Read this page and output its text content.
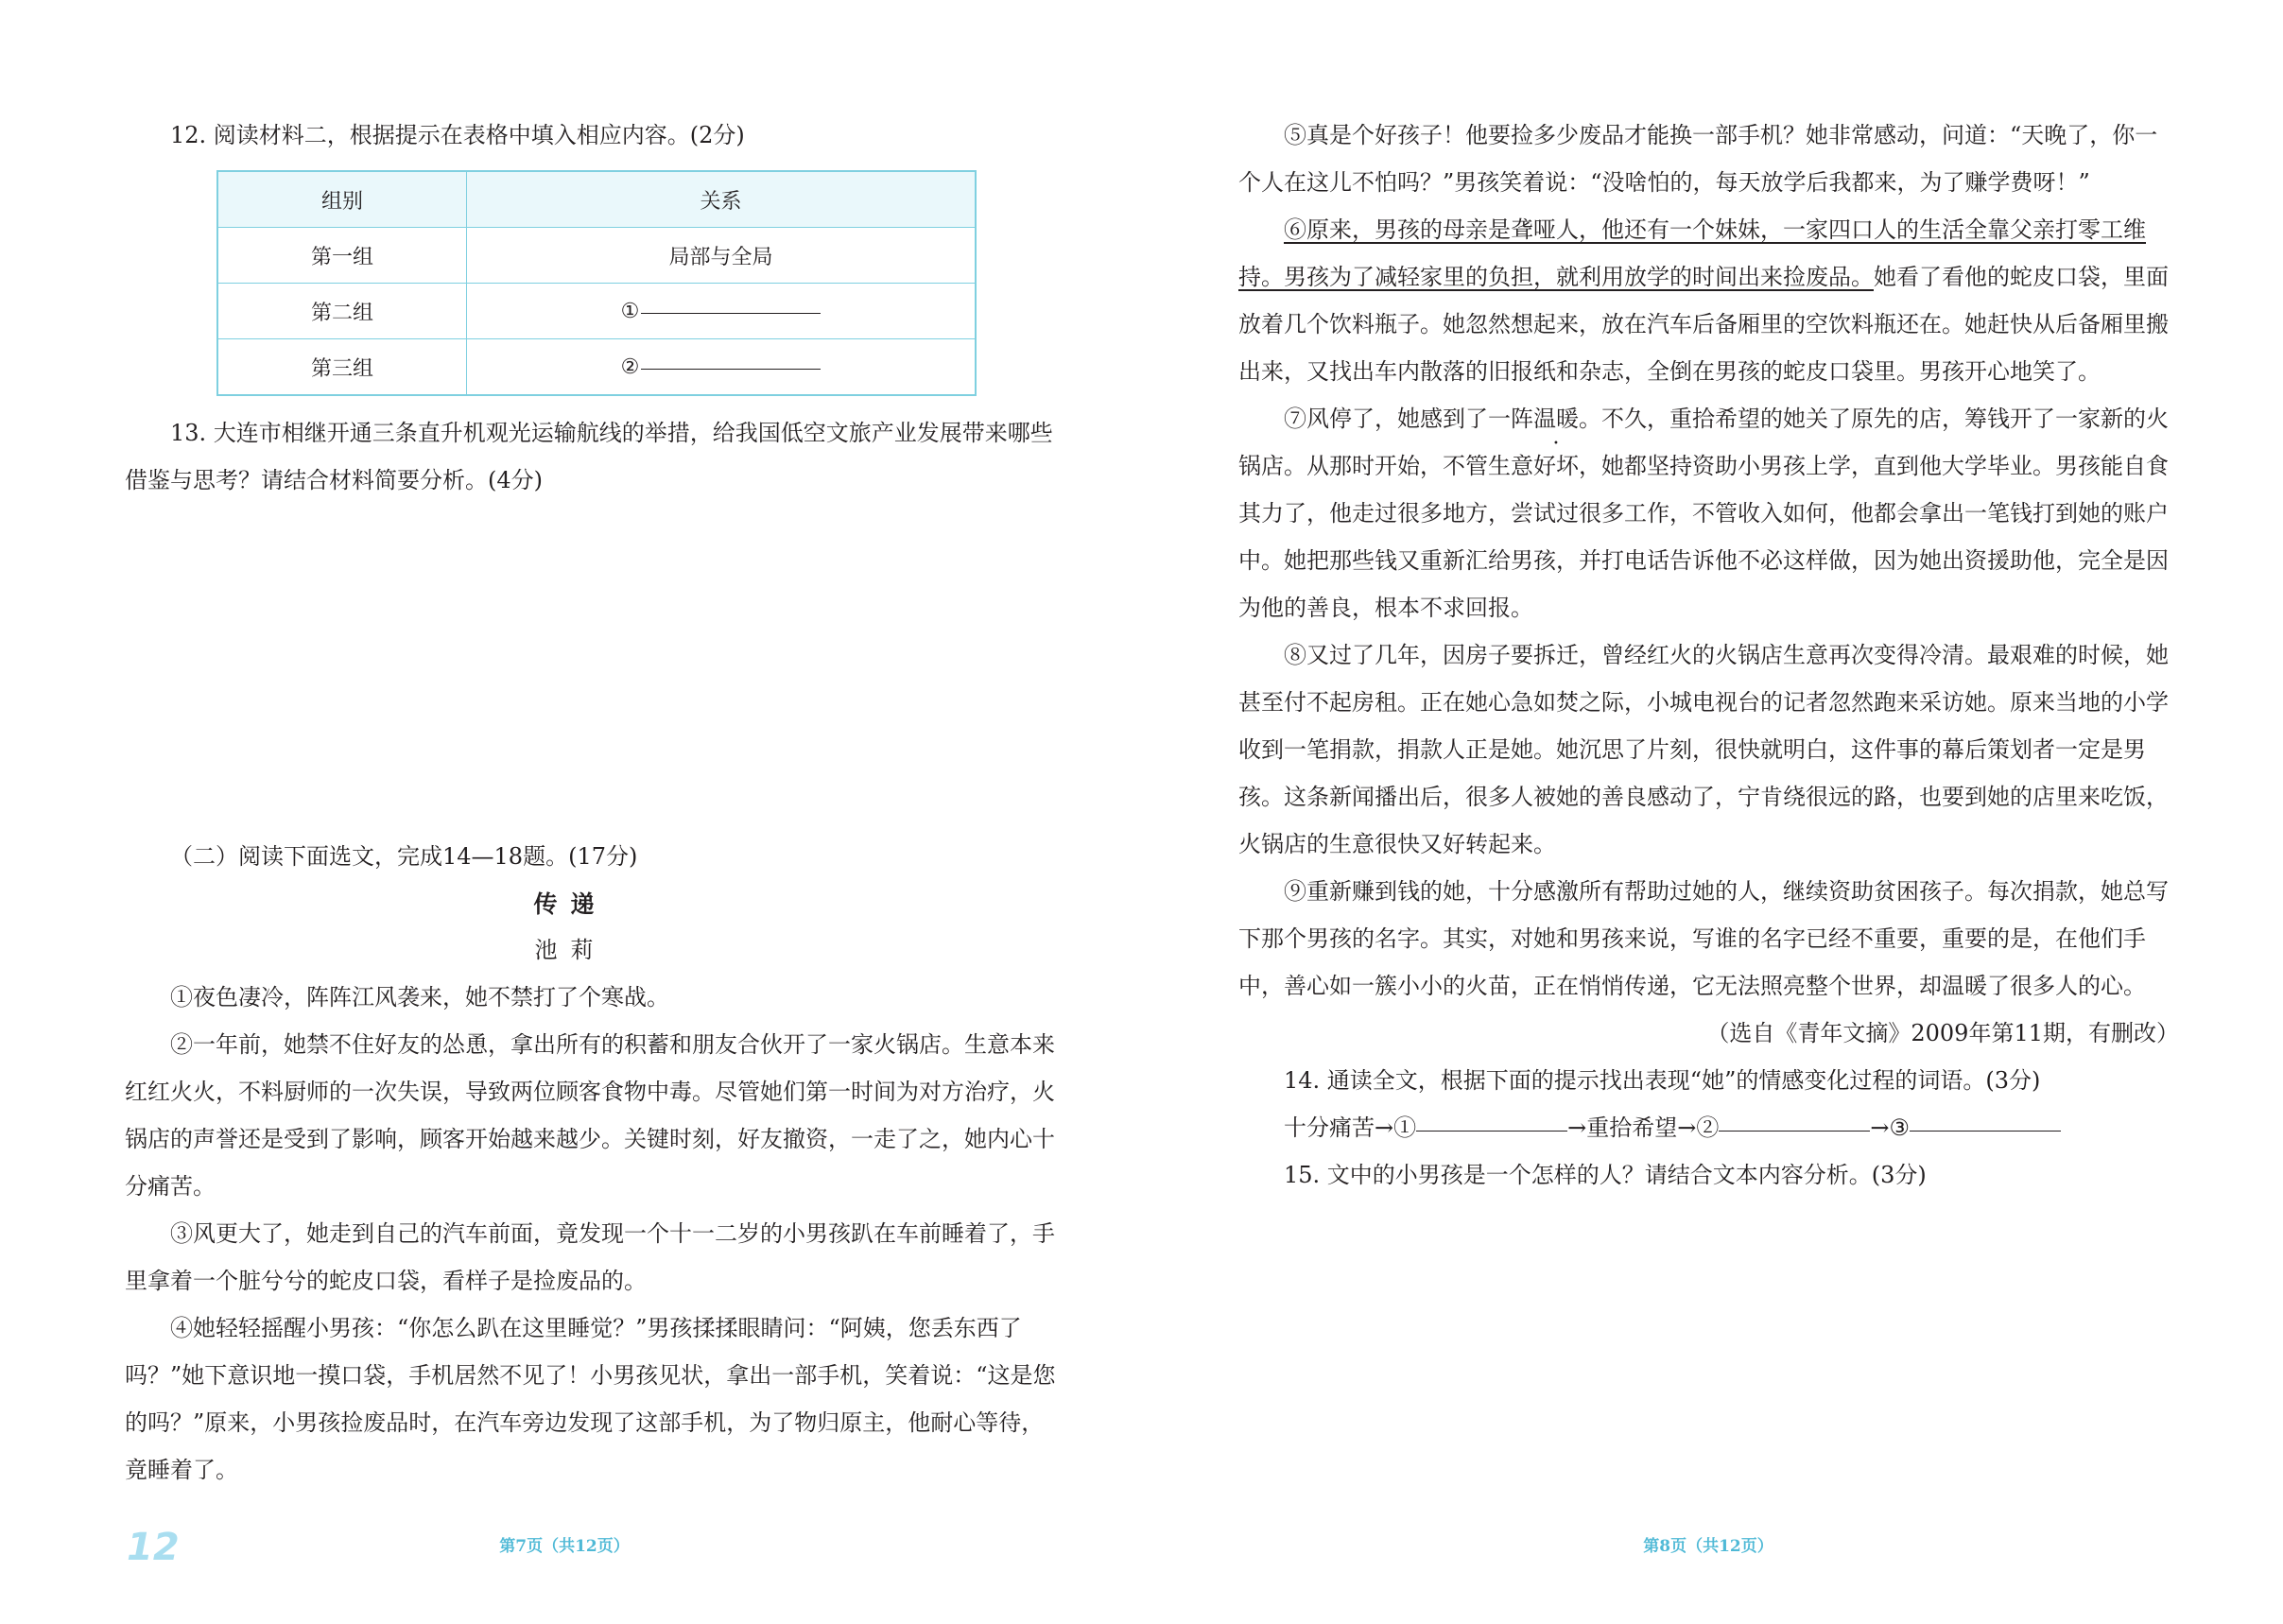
12. 阅读材料二，根据提示在表格中填入相应内容。(2分)

组别	关系
第一组	局部与全局
第二组	①
第三组	②

13. 大连市相继开通三条直升机观光运输航线的举措，给我国低空文旅产业发展带来哪些

借鉴与思考？请结合材料简要分析。(4分)

（二）阅读下面选文，完成14—18题。(17分)

传递

池莉

①夜色凄冷，阵阵江风袭来，她不禁打了个寒战。

②一年前，她禁不住好友的怂恿，拿出所有的积蓄和朋友合伙开了一家火锅店。生意本来

红红火火，不料厨师的一次失误，导致两位顾客食物中毒。尽管她们第一时间为对方治疗，火

锅店的声誉还是受到了影响，顾客开始越来越少。关键时刻，好友撤资，一走了之，她内心十

分痛苦。

③风更大了，她走到自己的汽车前面，竟发现一个十一二岁的小男孩趴在车前睡着了，手

里拿着一个脏兮兮的蛇皮口袋，看样子是捡废品的。

④她轻轻摇醒小男孩：“你怎么趴在这里睡觉？”男孩揉揉眼睛问：“阿姨，您丢东西了

吗？”她下意识地一摸口袋，手机居然不见了！小男孩见状，拿出一部手机，笑着说：“这是您

的吗？”原来，小男孩捡废品时，在汽车旁边发现了这部手机，为了物归原主，他耐心等待，

竟睡着了。

12	第7页（共12页）

⑤真是个好孩子！他要捡多少废品才能换一部手机？她非常感动，问道：“天晚了，你一

个人在这儿不怕吗？”男孩笑着说：“没啥怕的，每天放学后我都来，为了赚学费呀！”

⑥原来，男孩的母亲是聋哑人，他还有一个妹妹，一家四口人的生活全靠父亲打零工维

持。男孩为了减轻家里的负担，就利用放学的时间出来捡废品。她看了看他的蛇皮口袋，里面

放着几个饮料瓶子。她忽然想起来，放在汽车后备厢里的空饮料瓶还在。她赶快从后备厢里搬

出来，又找出车内散落的旧报纸和杂志，全倒在男孩的蛇皮口袋里。男孩开心地笑了。

⑦风停了，她感到了一阵温暖。不久，重拾希望的她关了原先的店，筹钱开了一家新的火

锅店。从那时开始，不管生意好坏，她都坚持资助小男孩上学，直到他大学毕业。男孩能自食

其力了，他走过很多地方，尝试过很多工作，不管收入如何，他都会拿出一笔钱打到她的账户

中。她把那些钱又重新汇给男孩，并打电话告诉他不必这样做，因为她出资援助他，完全是因

为他的善良，根本不求回报。

⑧又过了几年，因房子要拆迁，曾经红火的火锅店生意再次变得冷清。最艰难的时候，她

甚至付不起房租。正在她心急如焚之际，小城电视台的记者忽然跑来采访她。原来当地的小学

收到一笔捐款，捐款人正是她。她沉思了片刻，很快就明白，这件事的幕后策划者一定是男

孩。这条新闻播出后，很多人被她的善良感动了，宁肯绕很远的路，也要到她的店里来吃饭，

火锅店的生意很快又好转起来。

⑨重新赚到钱的她，十分感激所有帮助过她的人，继续资助贫困孩子。每次捐款，她总写

下那个男孩的名字。其实，对她和男孩来说，写谁的名字已经不重要，重要的是，在他们手

中，善心如一簇小小的火苗，正在悄悄传递，它无法照亮整个世界，却温暖了很多人的心。

（选自《青年文摘》2009年第11期，有删改）

14. 通读全文，根据下面的提示找出表现“她”的情感变化过程的词语。(3分)

十分痛苦→①	→重拾希望→②	→③

15. 文中的小男孩是一个怎样的人？请结合文本内容分析。(3分)

第8页（共12页）
